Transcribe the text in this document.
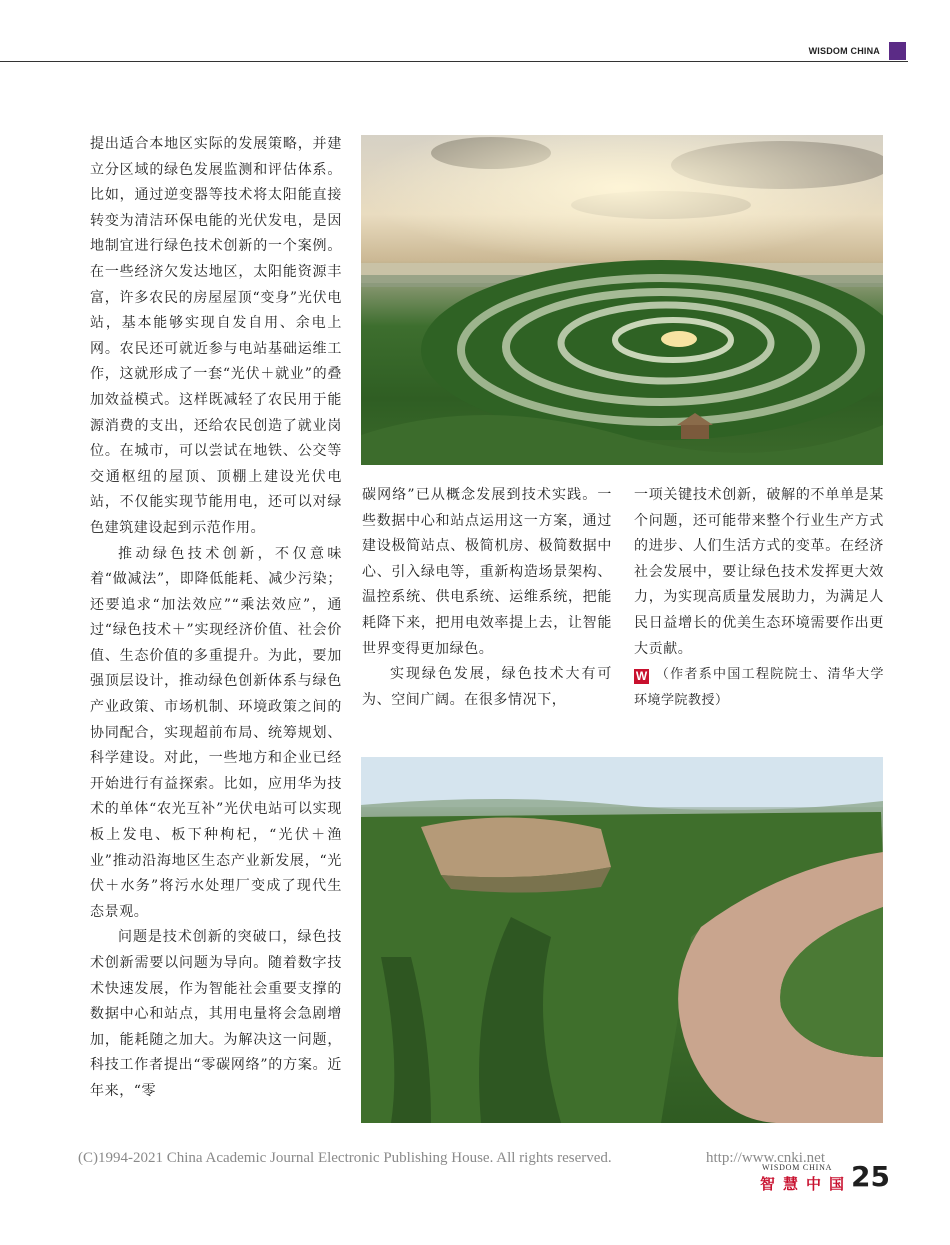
WISDOM CHINA

提出适合本地区实际的发展策略，并建立分区域的绿色发展监测和评估体系。比如，通过逆变器等技术将太阳能直接转变为清洁环保电能的光伏发电，是因地制宜进行绿色技术创新的一个案例。在一些经济欠发达地区，太阳能资源丰富，许多农民的房屋屋顶“变身”光伏电站，基本能够实现自发自用、余电上网。农民还可就近参与电站基础运维工作，这就形成了一套“光伏＋就业”的叠加效益模式。这样既减轻了农民用于能源消费的支出，还给农民创造了就业岗位。在城市，可以尝试在地铁、公交等交通枢纽的屋顶、顶棚上建设光伏电站，不仅能实现节能用电，还可以对绿色建筑建设起到示范作用。

推动绿色技术创新，不仅意味着“做减法”，即降低能耗、减少污染；还要追求“加法效应”“乘法效应”，通过“绿色技术＋”实现经济价值、社会价值、生态价值的多重提升。为此，要加强顶层设计，推动绿色创新体系与绿色产业政策、市场机制、环境政策之间的协同配合，实现超前布局、统筹规划、科学建设。对此，一些地方和企业已经开始进行有益探索。比如，应用华为技术的单体“农光互补”光伏电站可以实现板上发电、板下种枸杞，“光伏＋渔业”推动沿海地区生态产业新发展，“光伏＋水务”将污水处理厂变成了现代生态景观。

问题是技术创新的突破口，绿色技术创新需要以问题为导向。随着数字技术快速发展，作为智能社会重要支撑的数据中心和站点，其用电量将会急剧增加，能耗随之加大。为解决这一问题，科技工作者提出“零碳网络”的方案。近年来，“零

碳网络”已从概念发展到技术实践。一些数据中心和站点运用这一方案，通过建设极简站点、极简机房、极简数据中心、引入绿电等，重新构造场景架构、温控系统、供电系统、运维系统，把能耗降下来，把用电效率提上去，让智能世界变得更加绿色。

实现绿色发展，绿色技术大有可为、空间广阔。在很多情况下，

一项关键技术创新，破解的不单单是某个问题，还可能带来整个行业生产方式的进步、人们生活方式的变革。在经济社会发展中，要让绿色技术发挥更大效力，为实现高质量发展助力，为满足人民日益增长的优美生态环境需要作出更大贡献。

W （作者系中国工程院院士、清华大学环境学院教授）

(C)1994-2021 China Academic Journal Electronic Publishing House. All rights reserved.	http://www.cnki.net
WISDOM CHINA
智慧中国
25
